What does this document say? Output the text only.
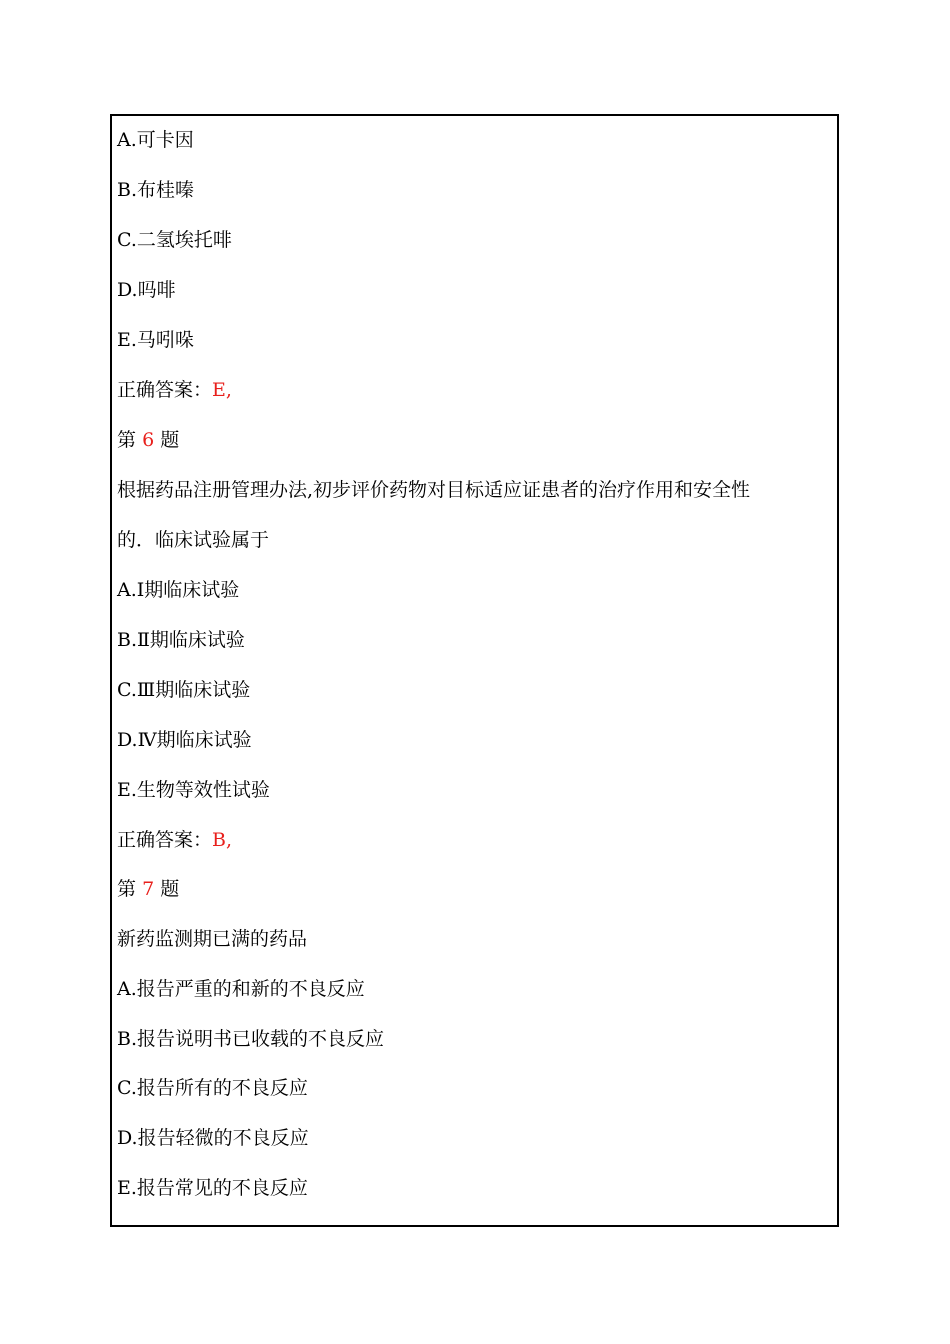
A.可卡因
B.布桂嗪
C.二氢埃托啡
D.吗啡
E.马吲哚
正确答案：E,
第 6 题
根据药品注册管理办法,初步评价药物对目标适应证患者的治疗作用和安全性
的．临床试验属于
A.Ⅰ期临床试验
B.Ⅱ期临床试验
C.Ⅲ期临床试验
D.Ⅳ期临床试验
E.生物等效性试验
正确答案：B,
第 7 题
新药监测期已满的药品
A.报告严重的和新的不良反应
B.报告说明书已收载的不良反应
C.报告所有的不良反应
D.报告轻微的不良反应
E.报告常见的不良反应
